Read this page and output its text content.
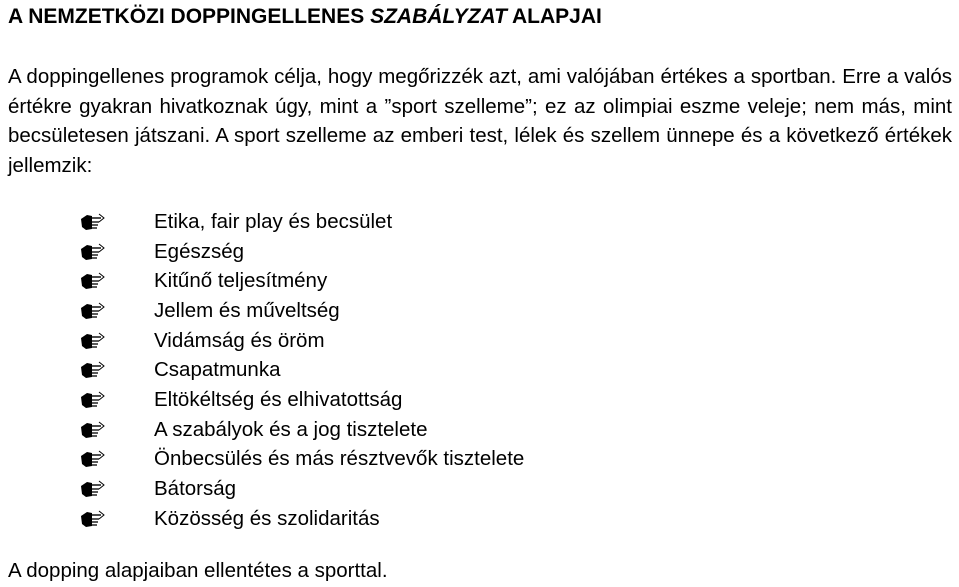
A NEMZETKÖZI DOPPINGELLENES SZABÁLYZAT ALAPJAI

A doppingellenes programok célja, hogy megőrizzék azt, ami valójában értékes a sportban. Erre a valós értékre gyakran hivatkoznak úgy, mint a ”sport szelleme”; ez az olimpiai eszme veleje; nem más, mint becsületesen játszani. A sport szelleme az emberi test, lélek és szellem ünnepe és a következő értékek jellemzik:

Etika, fair play és becsület
Egészség
Kitűnő teljesítmény
Jellem és műveltség
Vidámság és öröm
Csapatmunka
Eltökéltség és elhivatottság
A szabályok és a jog tisztelete
Önbecsülés és más résztvevők tisztelete
Bátorság
Közösség és szolidaritás

A dopping alapjaiban ellentétes a sporttal.
